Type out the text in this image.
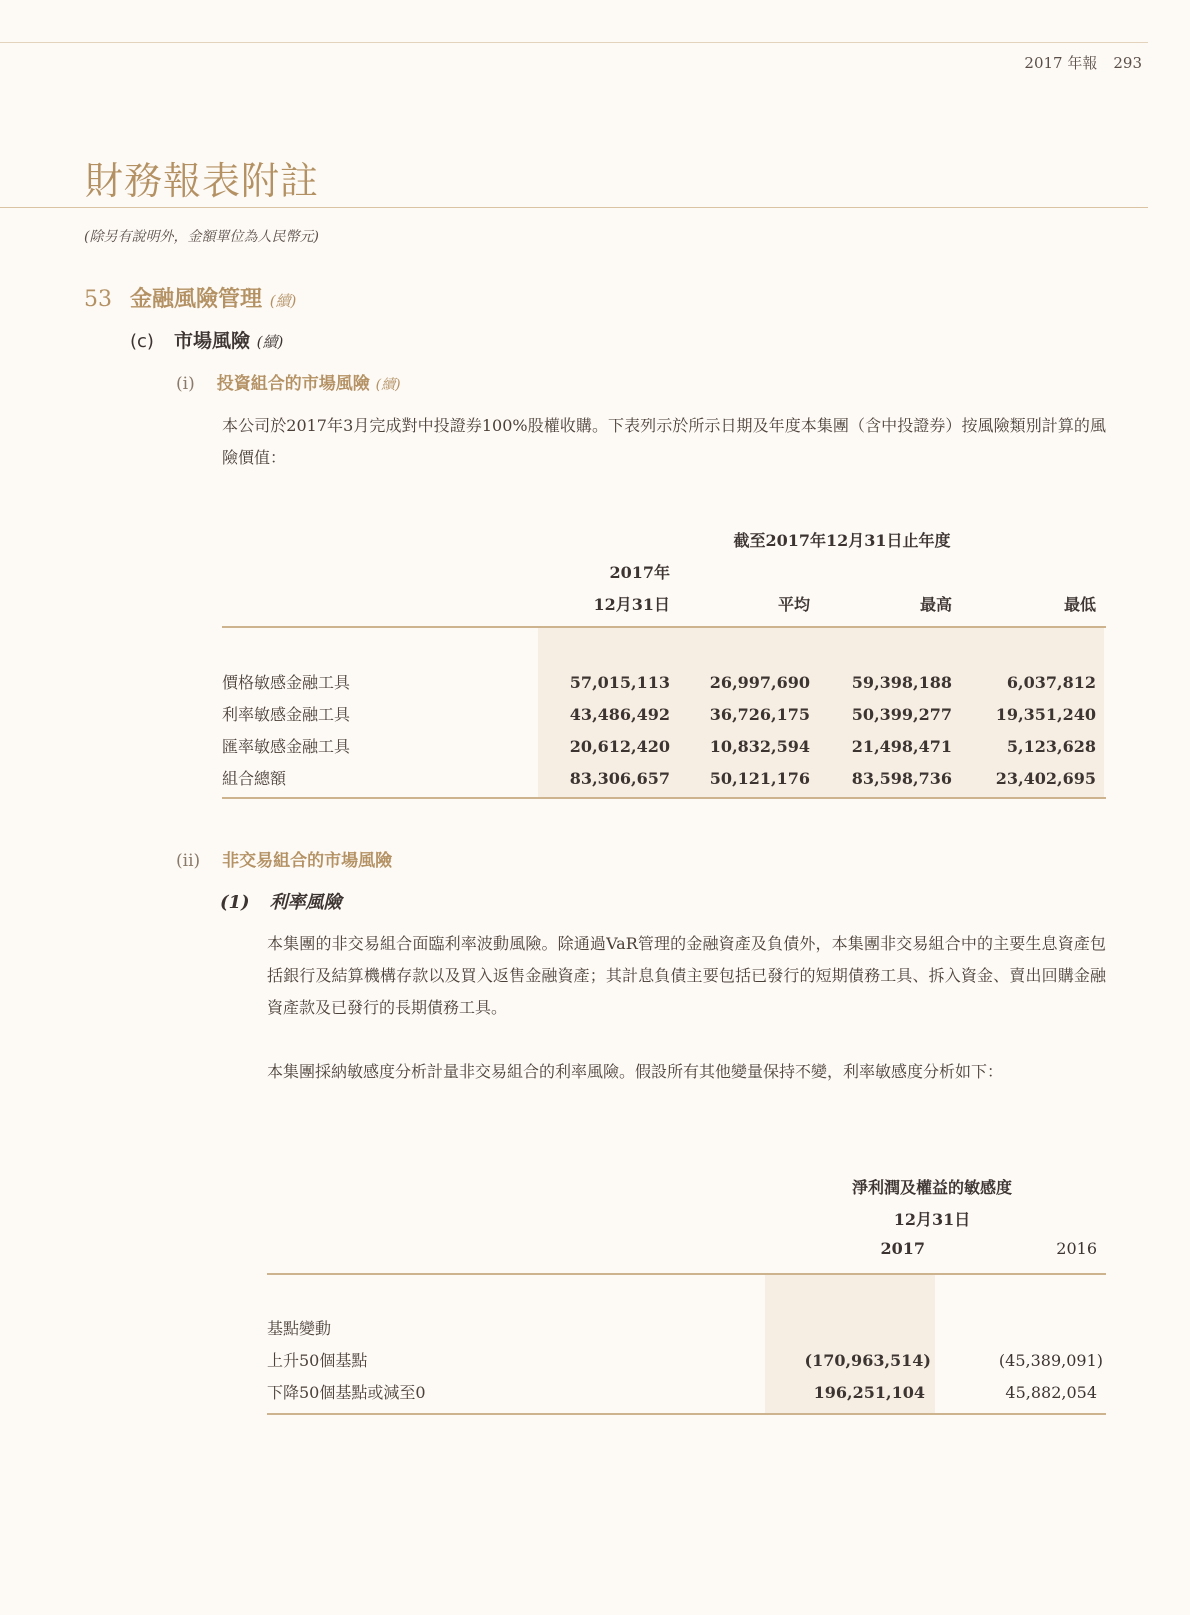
2017 年報 293
財務報表附註
(除另有說明外，金額單位為人民幣元)
53 金融風險管理 (續)
(c) 市場風險 (續)
(i) 投資組合的市場風險 (續)
本公司於2017年3月完成對中投證券100%股權收購。下表列示於所示日期及年度本集團（含中投證券）按風險類別計算的風險價值：
截至2017年12月31日止年度
2017年
12月31日	平均	最高	最低
價格敏感金融工具	57,015,113	26,997,690	59,398,188	6,037,812
利率敏感金融工具	43,486,492	36,726,175	50,399,277	19,351,240
匯率敏感金融工具	20,612,420	10,832,594	21,498,471	5,123,628
組合總額	83,306,657	50,121,176	83,598,736	23,402,695
(ii) 非交易組合的市場風險
(1) 利率風險
本集團的非交易組合面臨利率波動風險。除通過VaR管理的金融資產及負債外，本集團非交易組合中的主要生息資產包括銀行及結算機構存款以及買入返售金融資產；其計息負債主要包括已發行的短期債務工具、拆入資金、賣出回購金融資產款及已發行的長期債務工具。
本集團採納敏感度分析計量非交易組合的利率風險。假設所有其他變量保持不變，利率敏感度分析如下：
淨利潤及權益的敏感度
12月31日
2017	2016
基點變動
上升50個基點	(170,963,514)	(45,389,091)
下降50個基點或減至0	196,251,104	45,882,054
